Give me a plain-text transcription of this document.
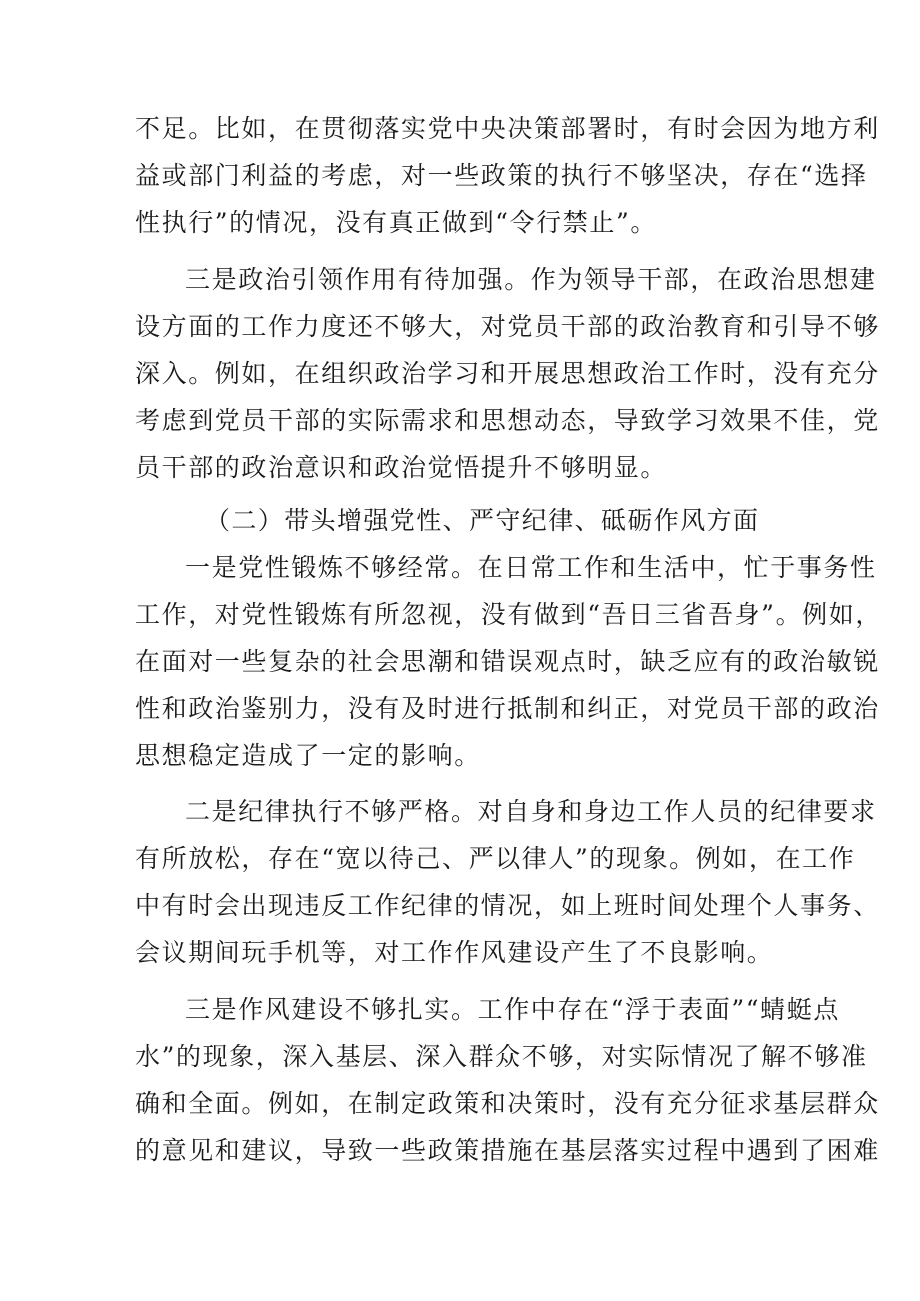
不足。比如，在贯彻落实党中央决策部署时，有时会因为地方利
益或部门利益的考虑，对一些政策的执行不够坚决，存在“选择
性执行”的情况，没有真正做到“令行禁止”。
三是政治引领作用有待加强。作为领导干部，在政治思想建
设方面的工作力度还不够大，对党员干部的政治教育和引导不够
深入。例如，在组织政治学习和开展思想政治工作时，没有充分
考虑到党员干部的实际需求和思想动态，导致学习效果不佳，党
员干部的政治意识和政治觉悟提升不够明显。
（二）带头增强党性、严守纪律、砥砺作风方面
一是党性锻炼不够经常。在日常工作和生活中，忙于事务性
工作，对党性锻炼有所忽视，没有做到“吾日三省吾身”。例如，
在面对一些复杂的社会思潮和错误观点时，缺乏应有的政治敏锐
性和政治鉴别力，没有及时进行抵制和纠正，对党员干部的政治
思想稳定造成了一定的影响。
二是纪律执行不够严格。对自身和身边工作人员的纪律要求
有所放松，存在“宽以待己、严以律人”的现象。例如，在工作
中有时会出现违反工作纪律的情况，如上班时间处理个人事务、
会议期间玩手机等，对工作作风建设产生了不良影响。
三是作风建设不够扎实。工作中存在“浮于表面”“蜻蜓点
水”的现象，深入基层、深入群众不够，对实际情况了解不够准
确和全面。例如，在制定政策和决策时，没有充分征求基层群众
的意见和建议，导致一些政策措施在基层落实过程中遇到了困难
